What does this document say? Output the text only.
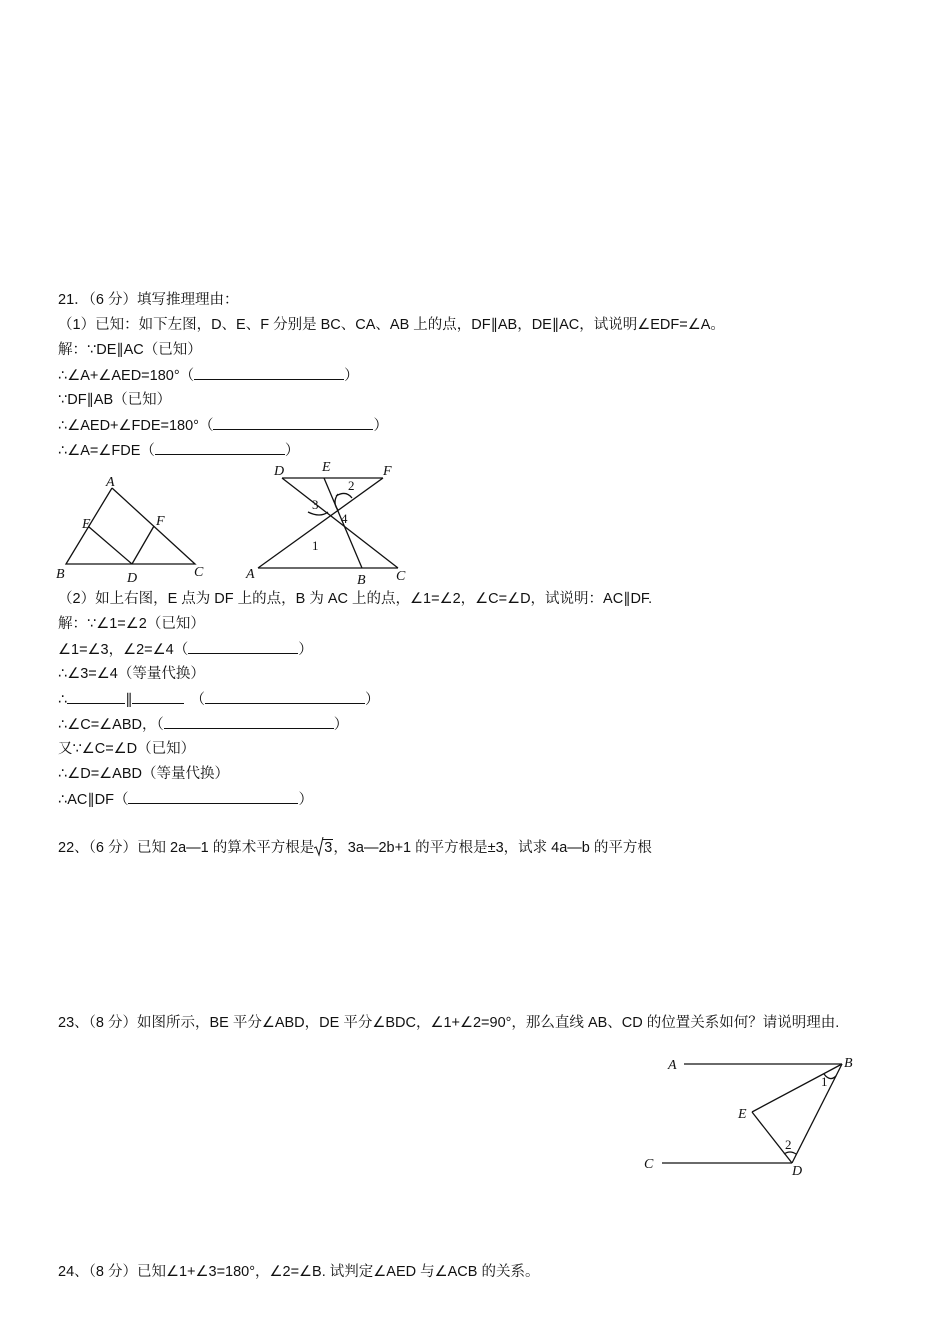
21．（6 分）填写推理理由：
（1）已知：如下左图，D、E、F 分别是 BC、CA、AB 上的点，DF∥AB，DE∥AC，试说明∠EDF=∠A。
解：∵DE∥AC（已知）
∴∠A+∠AED=180°（	）
∵DF∥AB（已知）
∴∠AED+∠FDE=180°（	）
∴∠A=∠FDE（	）
A
E	F
B	D	C
D	E	F
2
3
4
1
A	B C
（2）如上右图，E 点为 DF 上的点，B 为 AC 上的点，∠1=∠2，∠C=∠D，试说明：AC∥DF.
解：∵∠1=∠2（已知）
∠1=∠3，∠2=∠4（	）
∴∠3=∠4（等量代换）
∴	∥	（	）
∴∠C=∠ABD，（	）
又∵∠C=∠D（已知）
∴∠D=∠ABD（等量代换）
∴AC∥DF（	）
22、（6 分）已知 2a—1 的算术平方根是 3，3a—2b+1 的平方根是±3，试求 4a—b 的平方根
23、（8 分）如图所示，BE 平分∠ABD，DE 平分∠BDC，∠1+∠2=90°，那么直线 AB、CD 的位置关系如何？请说明理由.
A	B
1
E
2
C	D
24、（8 分）已知∠1+∠3=180°，∠2=∠B. 试判定∠AED 与∠ACB 的关系。
